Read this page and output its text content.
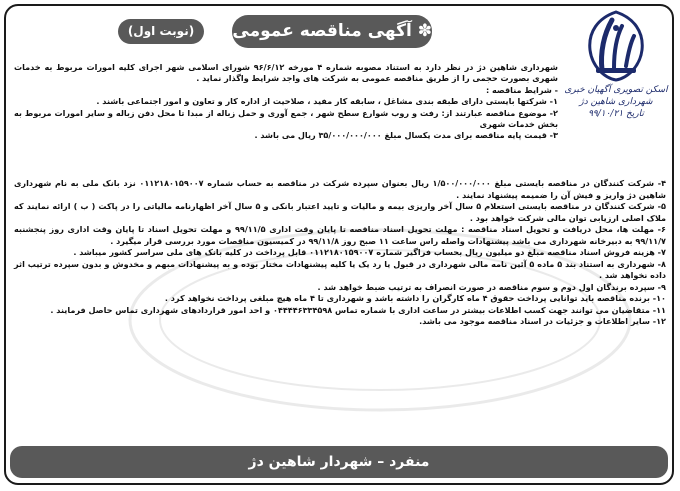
اسکن تصویری آگهیان خبری
شهرداری شاهین دژ
تاریخ ۹۹/۱۰/۲۱
✽ آگهی مناقصه عمومی ✽
(نوبت اول)

شهرداری شاهین دژ در نظر دارد به استناد مصوبه شماره ۴ مورخه ۹۶/۶/۱۲ شورای اسلامی شهر اجرای کلیه امورات مربوط به خدمات شهری بصورت حجمی را از طریق مناقصه عمومی به شرکت های واجد شرایط واگذار نماید .

- شرایط مناقصه :

۱- شرکتها بایستی دارای طبقه بندی مشاغل ، سابقه کار مفید ، صلاحیت از اداره کار و تعاون و امور اجتماعی باشند .

۲- موضوع مناقصه عبارتند از: رفت و روب شوارع سطح شهر ، جمع آوری و حمل زباله از مبدا تا محل دفن زباله و سایر امورات مربوط به بخش خدمات شهری

۳- قیمت پایه مناقصه برای مدت یکسال مبلغ ۳۵/۰۰۰/۰۰۰/۰۰۰ ریال می باشد .

۴- شرکت کنندگان در مناقصه بایستی مبلغ ۱/۵۰۰/۰۰۰/۰۰۰ ریال بعنوان سپرده شرکت در مناقصه به حساب شماره ۰۱۱۲۱۸۰۱۵۹۰۰۷ نزد بانک ملی به نام شهرداری شاهین دژ واریز و فیش آن را ضمیمه پیشنهاد نمایند .

۵- شرکت کنندگان در مناقصه بایستی استعلام ۵ سال آخر واریزی بیمه و مالیات و تایید اعتبار بانکی و ۵ سال آخر اظهارنامه مالیاتی را در پاکت ( ب ) ارائه نمایند که ملاک اصلی ارزیابی توان مالی شرکت خواهد بود .

۶- مهلت ها، محل دریافت و تحویل اسناد مناقصه : مهلت تحویل اسناد مناقصه تا پایان وقت اداری ۹۹/۱۱/۵ و مهلت تحویل اسناد تا پایان وقت اداری روز پنجشنبه ۹۹/۱۱/۷ به دبیرخانه شهرداری می باشد پیشنهادات واصله راس ساعت ۱۱ صبح روز ۹۹/۱۱/۸ در کمیسیون مناقصات مورد بررسی قرار میگیرد .

۷- هزینه فروش اسناد مناقصه مبلغ دو میلیون ریال بحساب فراگیر شماره ۰۱۱۲۱۸۰۱۵۹۰۰۷ قابل پرداخت در کلیه بانک های ملی سراسر کشور میباشد .

۸- شهرداری به استناد بند ۵ ماده ۵ آئین نامه مالی شهرداری در قبول یا رد یک یا کلیه پیشنهادات مختار بوده و به پیشنهادات مبهم و مخدوش و بدون سپرده ترتیب اثر داده نخواهد شد .

۹- سپرده برندگان اول دوم و سوم مناقصه در صورت انصراف به ترتیب ضبط خواهد شد .

۱۰- برنده مناقصه باید توانایی پرداخت حقوق ۴ ماه کارگران را داشته باشد و شهرداری تا ۴ ماه هیچ مبلغی پرداخت نخواهد کرد .

۱۱- متقاضیان می توانند جهت کسب اطلاعات بیشتر در ساعت اداری با شماره تماس ۰۴۴۴۴۶۳۳۴۵۹۸ و احد امور قراردادهای شهرداری تماس حاصل فرمایند .

۱۲- سایر اطلاعات و جزئیات در اسناد مناقصه موجود می باشد.

منفرد – شهردار شاهین دژ
